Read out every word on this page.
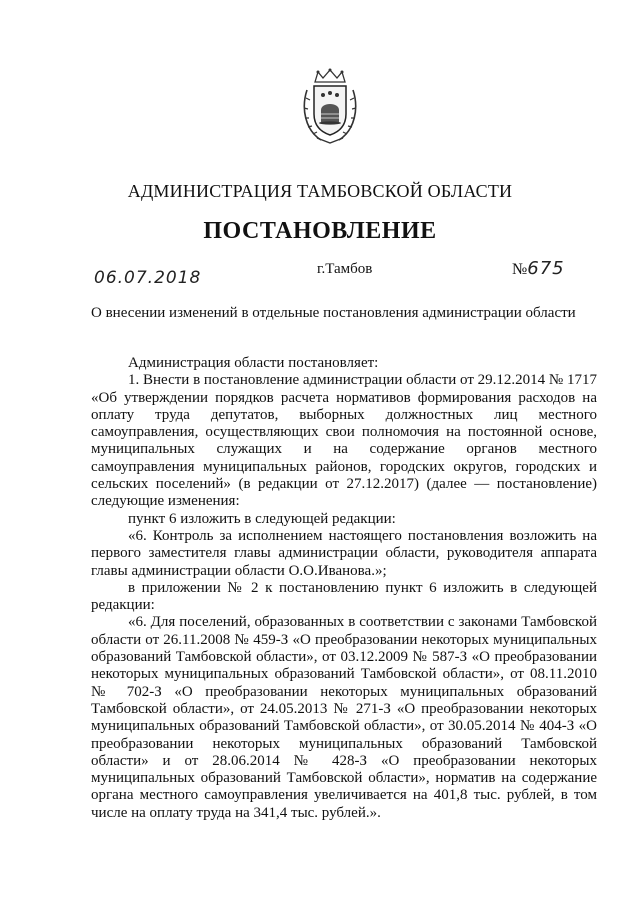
АДМИНИСТРАЦИЯ ТАМБОВСКОЙ ОБЛАСТИ
ПОСТАНОВЛЕНИЕ
06.07.2018	г.Тамбов	№675
О внесении изменений в отдельные постановления администрации области

Администрация области постановляет:

1. Внести в постановление администрации области от 29.12.2014 № 1717 «Об утверждении порядков расчета нормативов формирования расходов на оплату труда депутатов, выборных должностных лиц местного самоуправления, осуществляющих свои полномочия на постоянной основе, муниципальных служащих и на содержание органов местного самоуправления муниципальных районов, городских округов, городских и сельских поселений» (в редакции от 27.12.2017) (далее — постановление) следующие изменения:

пункт 6 изложить в следующей редакции:

«6. Контроль за исполнением настоящего постановления возложить на первого заместителя главы администрации области, руководителя аппарата главы администрации области О.О.Иванова.»;

в приложении № 2 к постановлению пункт 6 изложить в следующей редакции:

«6. Для поселений, образованных в соответствии с законами Тамбовской области от 26.11.2008 № 459-З «О преобразовании некоторых муниципальных образований Тамбовской области», от 03.12.2009 № 587-З «О преобразовании некоторых муниципальных образований Тамбовской области», от 08.11.2010 № 702-З «О преобразовании некоторых муниципальных образований Тамбовской области», от 24.05.2013 № 271-З «О преобразовании некоторых муниципальных образований Тамбовской области», от 30.05.2014 № 404-З «О преобразовании некоторых муниципальных образований Тамбовской области» и от 28.06.2014 № 428-З «О преобразовании некоторых муниципальных образований Тамбовской области», норматив на содержание органа местного самоуправления увеличивается на 401,8 тыс. рублей, в том числе на оплату труда на 341,4 тыс. рублей.».
